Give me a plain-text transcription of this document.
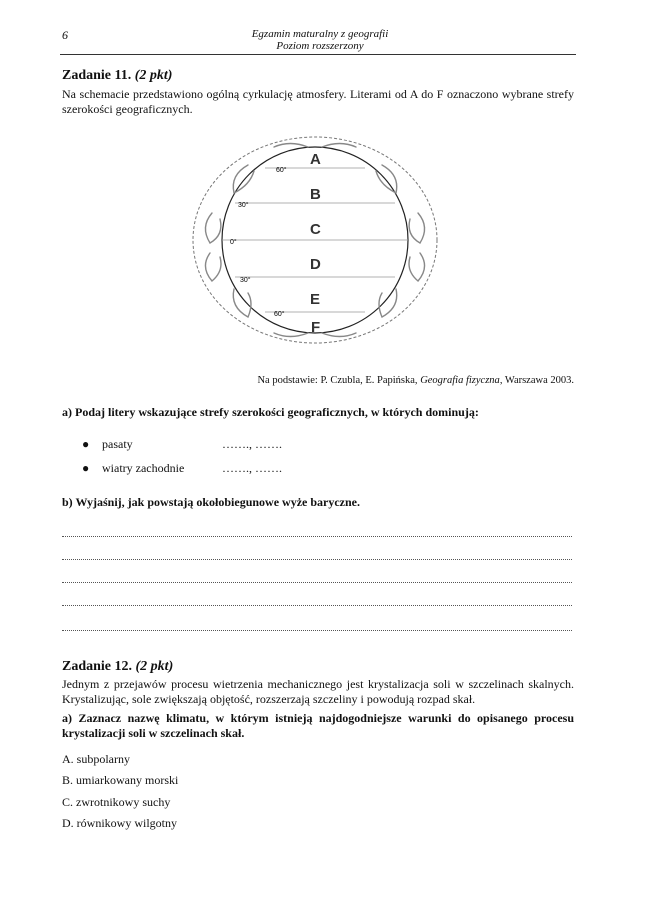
6	Egzamin maturalny z geografii
Poziom rozszerzony
Zadanie 11. (2 pkt)
Na schemacie przedstawiono ogólną cyrkulację atmosfery. Literami od A do F oznaczono wybrane strefy szerokości geograficznych.
60°
30°
0°
30°
60°
A
B
C
D
E
F
Na podstawie: P. Czubla, E. Papińska, Geografia fizyczna, Warszawa 2003.
a) Podaj litery wskazujące strefy szerokości geograficznych, w których dominują:
● pasaty	……., …….
● wiatry zachodnie	……., …….
b) Wyjaśnij, jak powstają okołobiegunowe wyże baryczne.
Zadanie 12. (2 pkt)
Jednym z przejawów procesu wietrzenia mechanicznego jest krystalizacja soli w szczelinach skalnych. Krystalizując, sole zwiększają objętość, rozszerzają szczeliny i powodują rozpad skał.
a) Zaznacz nazwę klimatu, w którym istnieją najdogodniejsze warunki do opisanego procesu krystalizacji soli w szczelinach skał.
A. subpolarny
B. umiarkowany morski
C. zwrotnikowy suchy
D. równikowy wilgotny
